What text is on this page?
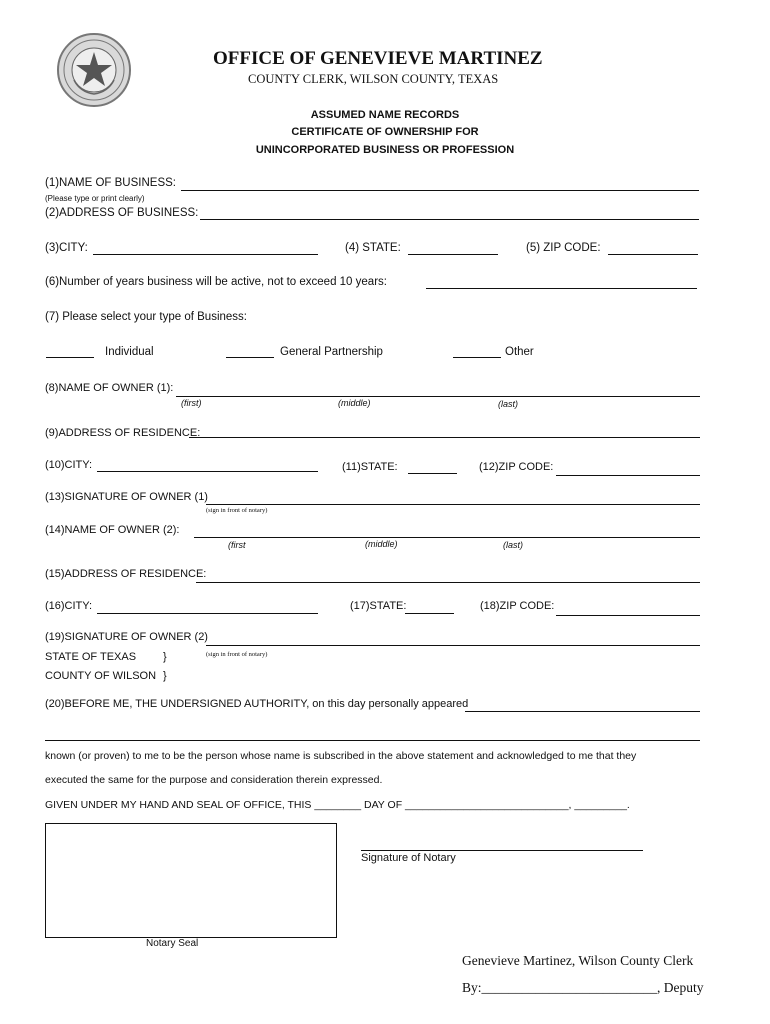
OFFICE OF GENEVIEVE MARTINEZ
COUNTY CLERK, WILSON COUNTY, TEXAS
ASSUMED NAME RECORDS
CERTIFICATE OF OWNERSHIP FOR
UNINCORPORATED BUSINESS OR PROFESSION
(1)NAME OF BUSINESS:
(Please type or print clearly)
(2)ADDRESS OF BUSINESS:
(3)CITY:	(4) STATE:	(5) ZIP CODE:
(6)Number of years business will be active, not to exceed 10 years:
(7) Please select your type of Business:
Individual	General Partnership	Other
(8)NAME OF OWNER (1):
(first)	(middle)	(last)
(9)ADDRESS OF RESIDENCE:
(10)CITY:	(11)STATE:	(12)ZIP CODE:
(13)SIGNATURE OF OWNER (1)
(sign in front of notary)
(14)NAME OF OWNER (2):
(first	(middle)	(last)
(15)ADDRESS OF RESIDENCE:
(16)CITY:	(17)STATE:	(18)ZIP CODE:
(19)SIGNATURE OF OWNER (2)
(sign in front of notary)
STATE OF TEXAS }
COUNTY OF WILSON }
(20)BEFORE ME, THE UNDERSIGNED AUTHORITY, on this day personally appeared
known (or proven) to me to be the person whose name is subscribed in the above statement and acknowledged to me that they
executed the same for the purpose and consideration therein expressed.
GIVEN UNDER MY HAND AND SEAL OF OFFICE, THIS ________ DAY OF ____________________________, _________.
Notary Seal
Signature of Notary
Genevieve Martinez, Wilson County Clerk
By:__________________________, Deputy
